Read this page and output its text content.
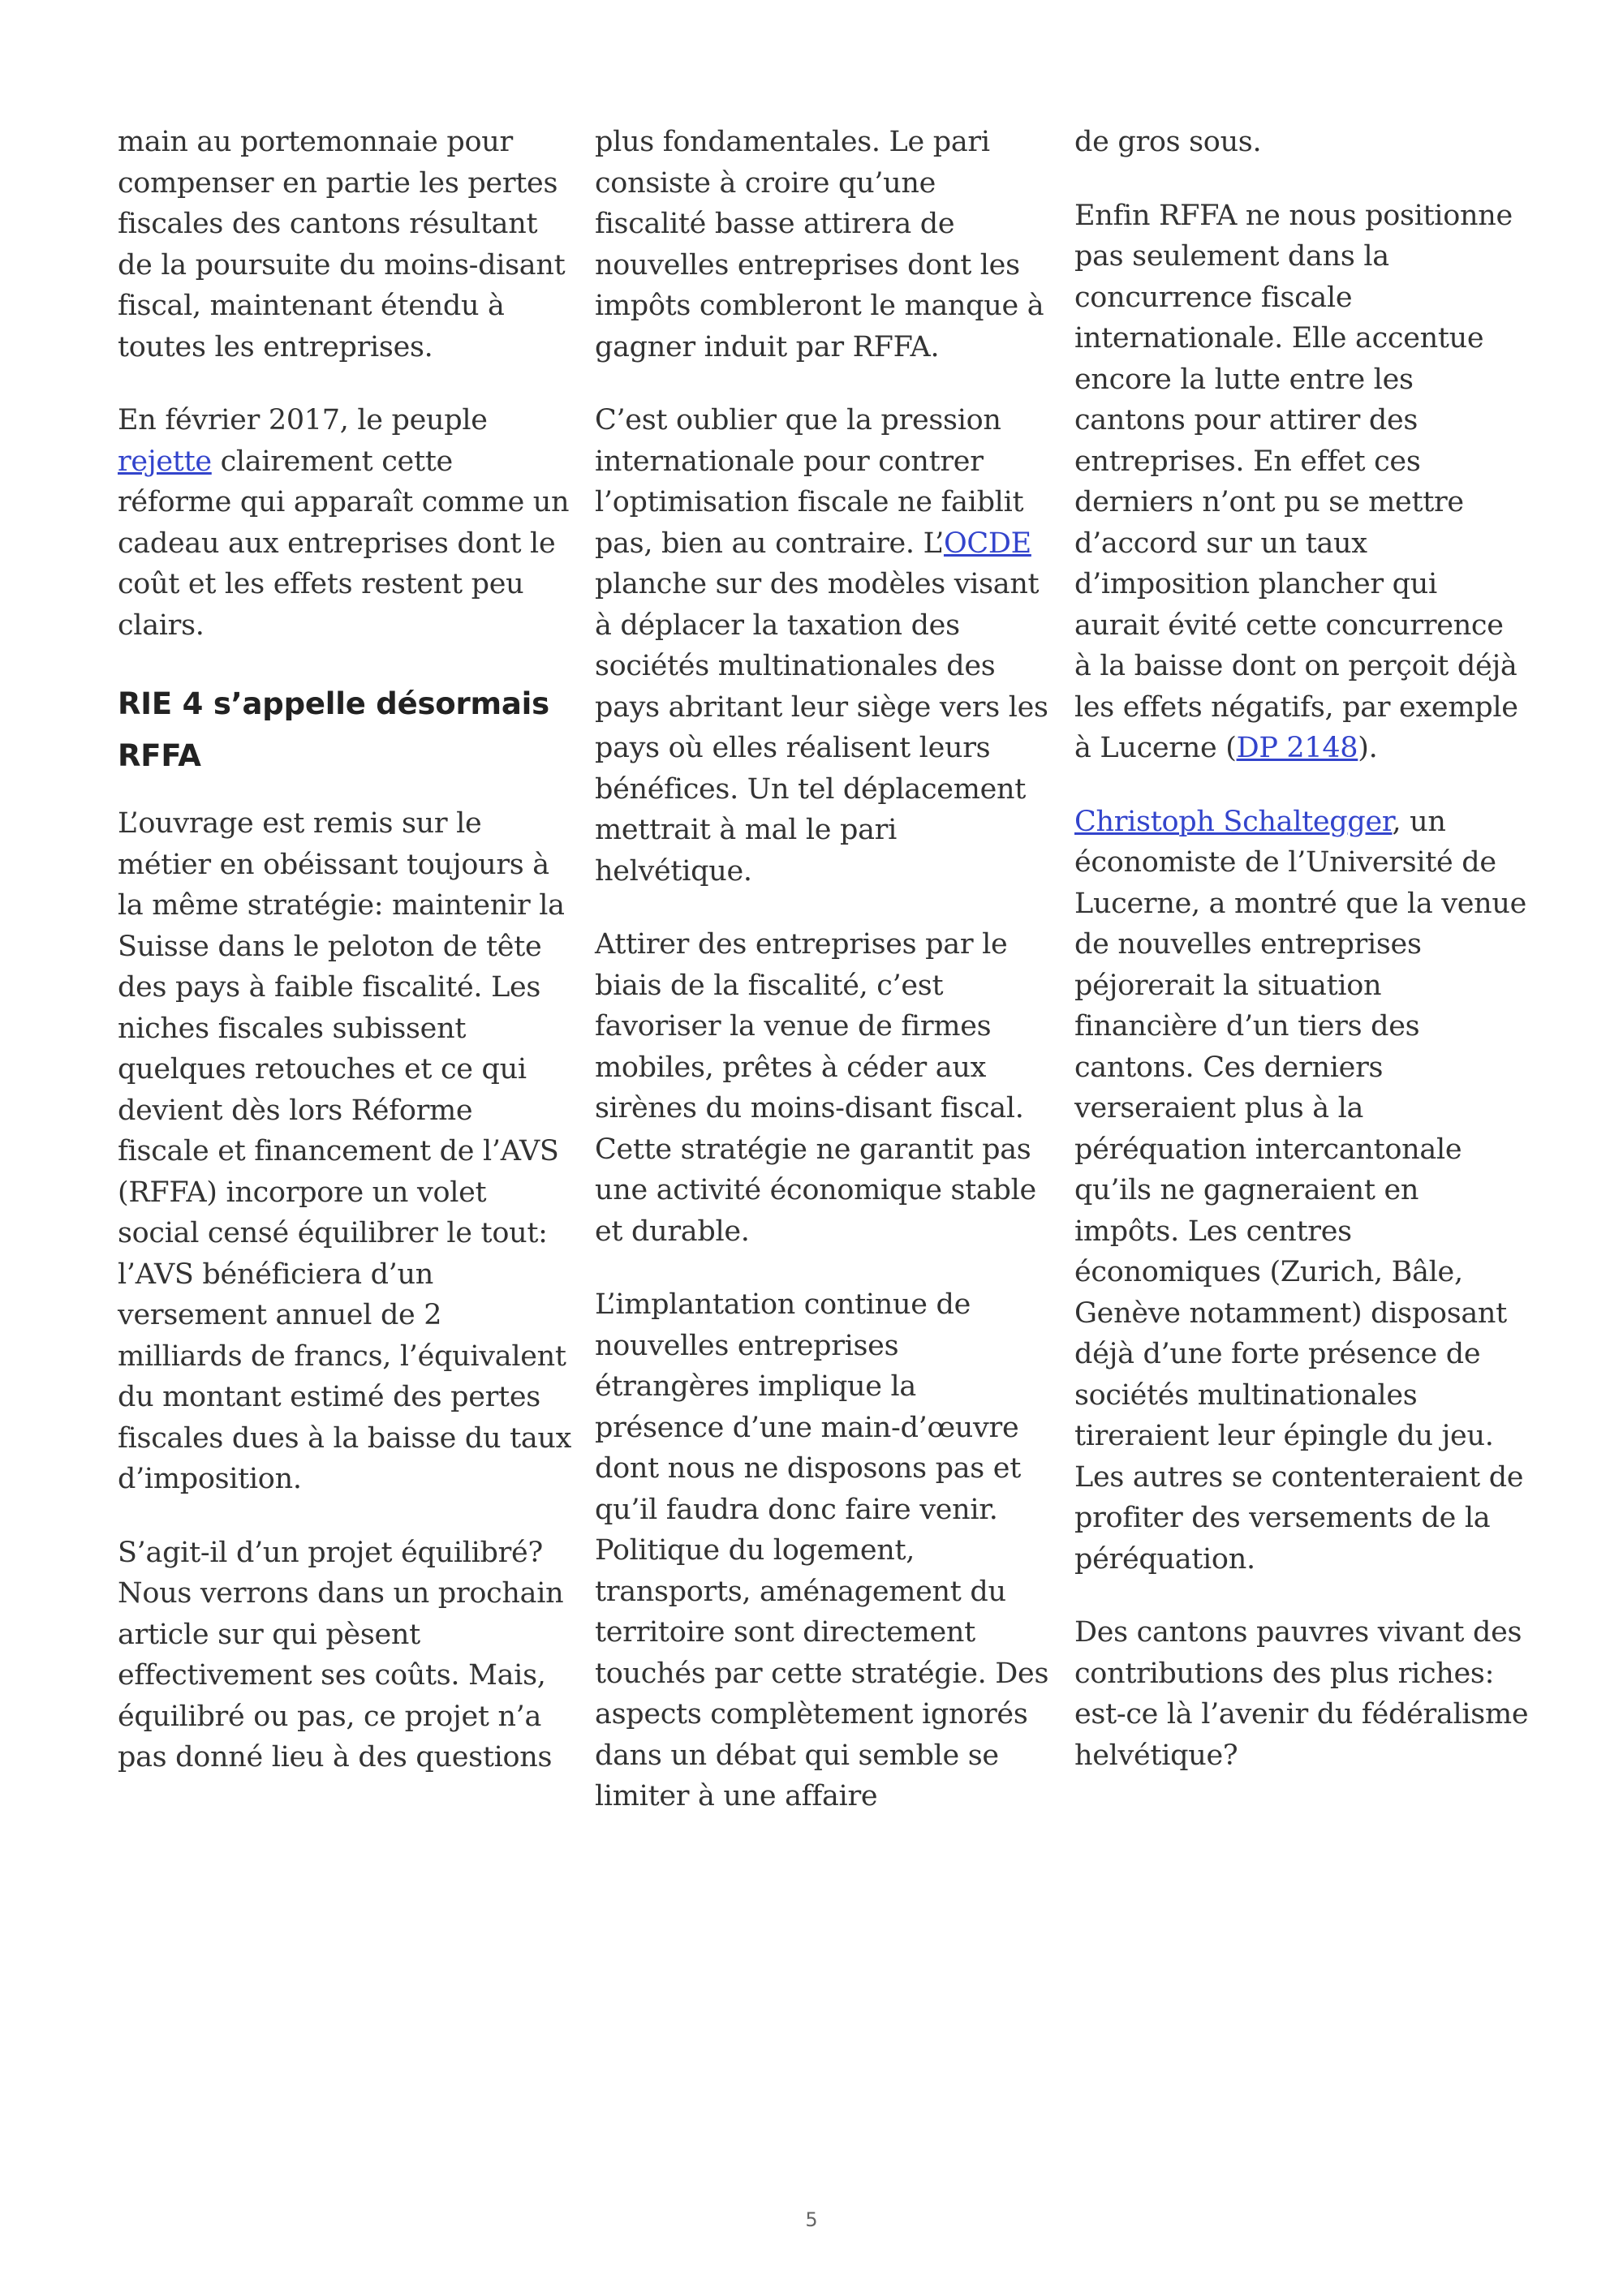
main au portemonnaie pour compenser en partie les pertes fiscales des cantons résultant de la poursuite du moins-disant fiscal, maintenant étendu à toutes les entreprises.

En février 2017, le peuple rejette clairement cette réforme qui apparaît comme un cadeau aux entreprises dont le coût et les effets restent peu clairs.

RIE 4 s’appelle désormais RFFA

L’ouvrage est remis sur le métier en obéissant toujours à la même stratégie: maintenir la Suisse dans le peloton de tête des pays à faible fiscalité. Les niches fiscales subissent quelques retouches et ce qui devient dès lors Réforme fiscale et financement de l’AVS (RFFA) incorpore un volet social censé équilibrer le tout: l’AVS bénéficiera d’un versement annuel de 2 milliards de francs, l’équivalent du montant estimé des pertes fiscales dues à la baisse du taux d’imposition.

S’agit-il d’un projet équilibré? Nous verrons dans un prochain article sur qui pèsent effectivement ses coûts. Mais, équilibré ou pas, ce projet n’a pas donné lieu à des questions

plus fondamentales. Le pari consiste à croire qu’une fiscalité basse attirera de nouvelles entreprises dont les impôts combleront le manque à gagner induit par RFFA.

C’est oublier que la pression internationale pour contrer l’optimisation fiscale ne faiblit pas, bien au contraire. L’OCDE planche sur des modèles visant à déplacer la taxation des sociétés multinationales des pays abritant leur siège vers les pays où elles réalisent leurs bénéfices. Un tel déplacement mettrait à mal le pari helvétique.

Attirer des entreprises par le biais de la fiscalité, c’est favoriser la venue de firmes mobiles, prêtes à céder aux sirènes du moins-disant fiscal. Cette stratégie ne garantit pas une activité économique stable et durable.

L’implantation continue de nouvelles entreprises étrangères implique la présence d’une main-d’œuvre dont nous ne disposons pas et qu’il faudra donc faire venir. Politique du logement, transports, aménagement du territoire sont directement touchés par cette stratégie. Des aspects complètement ignorés dans un débat qui semble se limiter à une affaire

de gros sous.

Enfin RFFA ne nous positionne pas seulement dans la concurrence fiscale internationale. Elle accentue encore la lutte entre les cantons pour attirer des entreprises. En effet ces derniers n’ont pu se mettre d’accord sur un taux d’imposition plancher qui aurait évité cette concurrence à la baisse dont on perçoit déjà les effets négatifs, par exemple à Lucerne (DP 2148).

Christoph Schaltegger, un économiste de l’Université de Lucerne, a montré que la venue de nouvelles entreprises péjorerait la situation financière d’un tiers des cantons. Ces derniers verseraient plus à la péréquation intercantonale qu’ils ne gagneraient en impôts. Les centres économiques (Zurich, Bâle, Genève notamment) disposant déjà d’une forte présence de sociétés multinationales tireraient leur épingle du jeu. Les autres se contenteraient de profiter des versements de la péréquation.

Des cantons pauvres vivant des contributions des plus riches: est-ce là l’avenir du fédéralisme helvétique?

5
